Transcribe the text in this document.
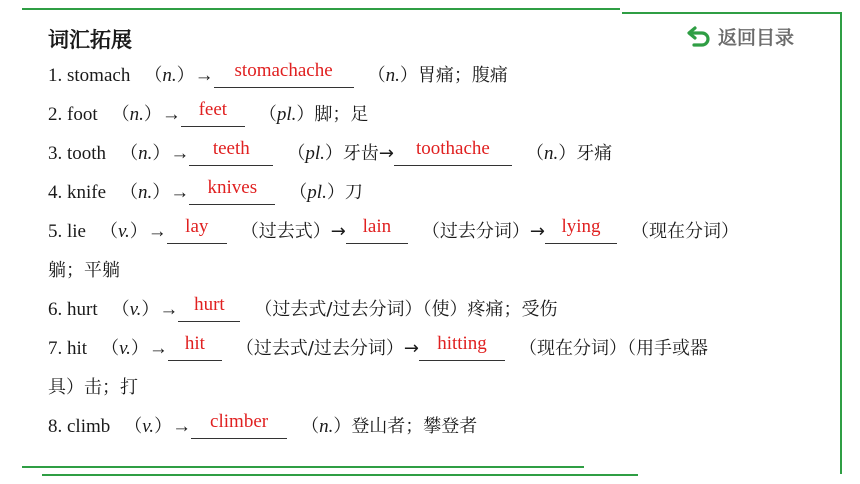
词汇拓展	返回目录
1. stomach （n.）→ stomachache （n.）胃痛；腹痛
2. foot （n.）→ feet （pl.）脚；足
3. tooth （n.）→ teeth （pl.）牙齿→ toothache （n.）牙痛
4. knife （n.）→ knives （pl.）刀
5. lie （v.）→ lay （过去式）→ lain （过去分词）→ lying （现在分词）
躺；平躺
6. hurt （v.）→ hurt （过去式/过去分词）（使）疼痛；受伤
7. hit （v.）→ hit （过去式/过去分词）→ hitting （现在分词）（用手或器
具）击；打
8. climb （v.）→ climber （n.）登山者；攀登者
